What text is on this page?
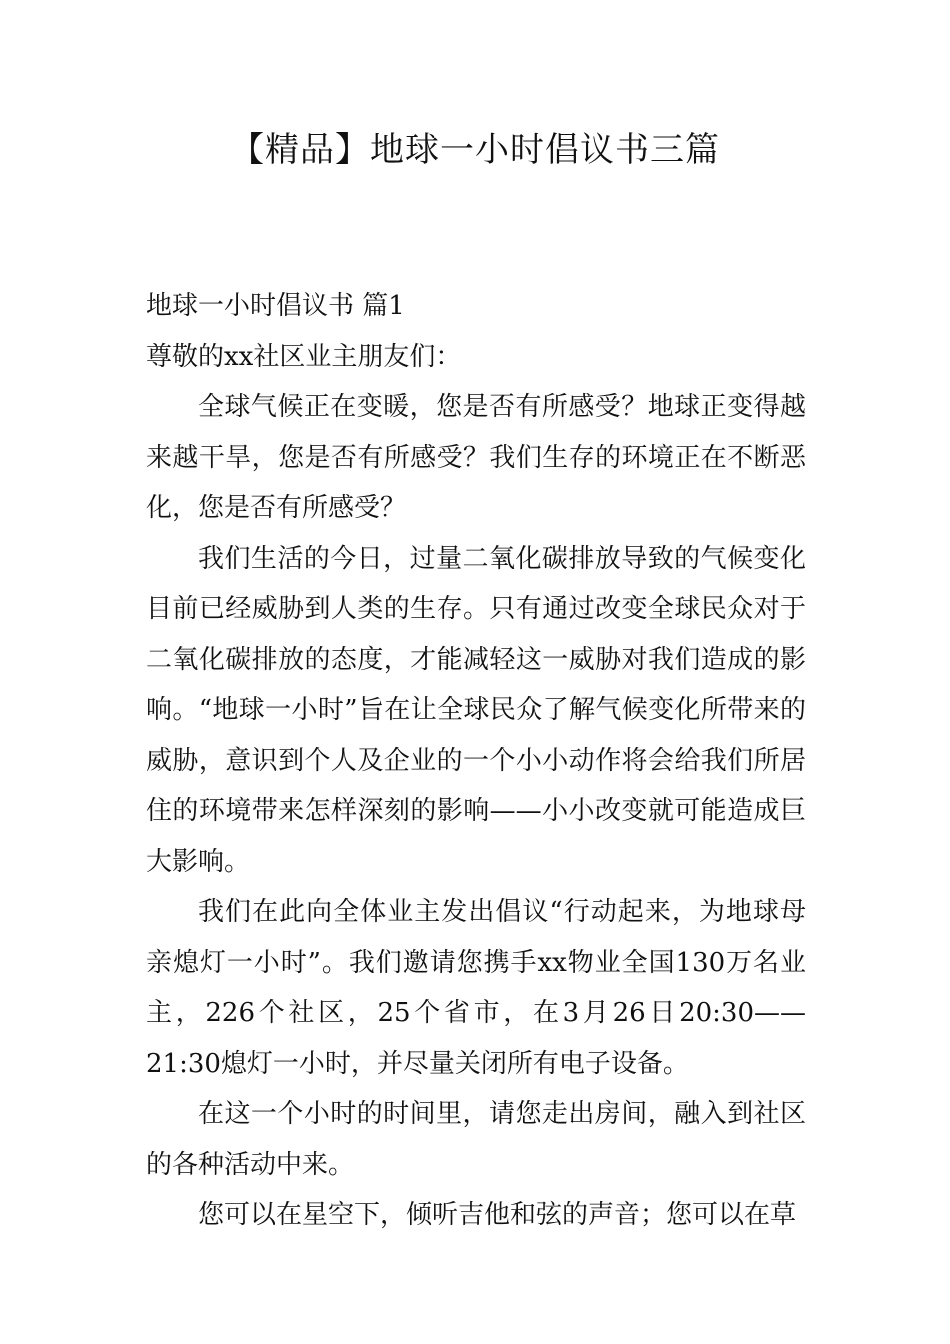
【精品】地球一小时倡议书三篇

地球一小时倡议书 篇1

尊敬的xx社区业主朋友们：

全球气候正在变暖，您是否有所感受？地球正变得越来越干旱，您是否有所感受？我们生存的环境正在不断恶化，您是否有所感受？

我们生活的今日，过量二氧化碳排放导致的气候变化目前已经威胁到人类的生存。只有通过改变全球民众对于二氧化碳排放的态度，才能减轻这一威胁对我们造成的影响。“地球一小时”旨在让全球民众了解气候变化所带来的威胁，意识到个人及企业的一个小小动作将会给我们所居住的环境带来怎样深刻的影响——小小改变就可能造成巨大影响。

我们在此向全体业主发出倡议“行动起来，为地球母亲熄灯一小时”。我们邀请您携手xx物业全国130万名业主，226个社区，25个省市，在3月26日20:30——21:30熄灯一小时，并尽量关闭所有电子设备。

在这一个小时的时间里，请您走出房间，融入到社区的各种活动中来。

您可以在星空下，倾听吉他和弦的声音；您可以在草
